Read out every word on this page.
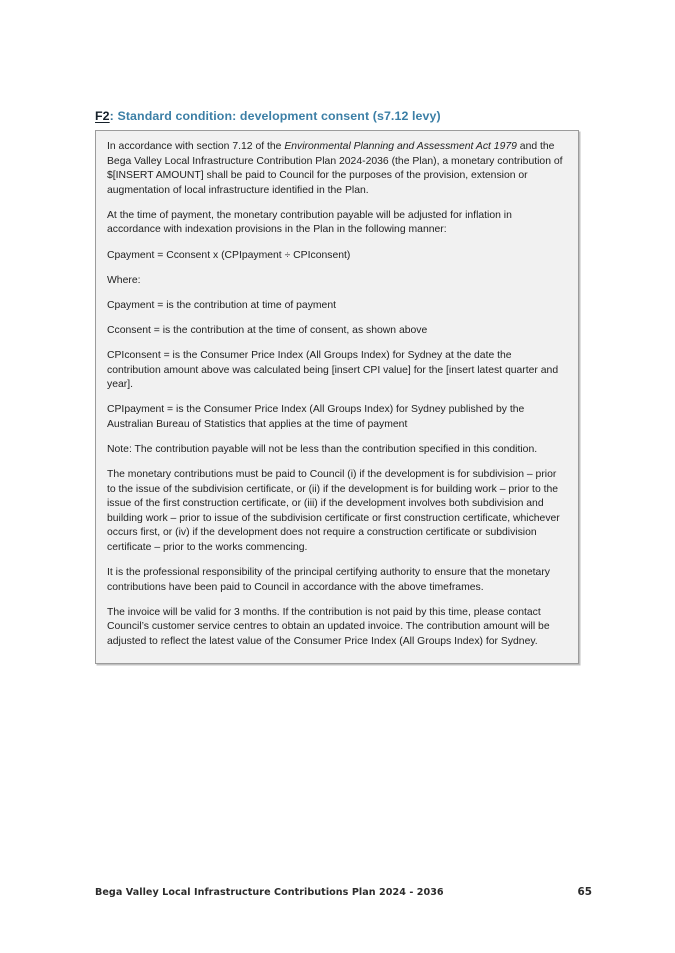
F2: Standard condition: development consent (s7.12 levy)

In accordance with section 7.12 of the Environmental Planning and Assessment Act 1979 and the Bega Valley Local Infrastructure Contribution Plan 2024-2036 (the Plan), a monetary contribution of $[INSERT AMOUNT] shall be paid to Council for the purposes of the provision, extension or augmentation of local infrastructure identified in the Plan.

At the time of payment, the monetary contribution payable will be adjusted for inflation in accordance with indexation provisions in the Plan in the following manner:

Cpayment = Cconsent x (CPIpayment ÷ CPIconsent)

Where:

Cpayment = is the contribution at time of payment

Cconsent = is the contribution at the time of consent, as shown above

CPIconsent = is the Consumer Price Index (All Groups Index) for Sydney at the date the contribution amount above was calculated being [insert CPI value] for the [insert latest quarter and year].

CPIpayment = is the Consumer Price Index (All Groups Index) for Sydney published by the Australian Bureau of Statistics that applies at the time of payment

Note: The contribution payable will not be less than the contribution specified in this condition.

The monetary contributions must be paid to Council (i) if the development is for subdivision – prior to the issue of the subdivision certificate, or (ii) if the development is for building work – prior to the issue of the first construction certificate, or (iii) if the development involves both subdivision and building work – prior to issue of the subdivision certificate or first construction certificate, whichever occurs first, or (iv) if the development does not require a construction certificate or subdivision certificate – prior to the works commencing.

It is the professional responsibility of the principal certifying authority to ensure that the monetary contributions have been paid to Council in accordance with the above timeframes.

The invoice will be valid for 3 months. If the contribution is not paid by this time, please contact Council’s customer service centres to obtain an updated invoice. The contribution amount will be adjusted to reflect the latest value of the Consumer Price Index (All Groups Index) for Sydney.

Bega Valley Local Infrastructure Contributions Plan 2024 - 2036	65
